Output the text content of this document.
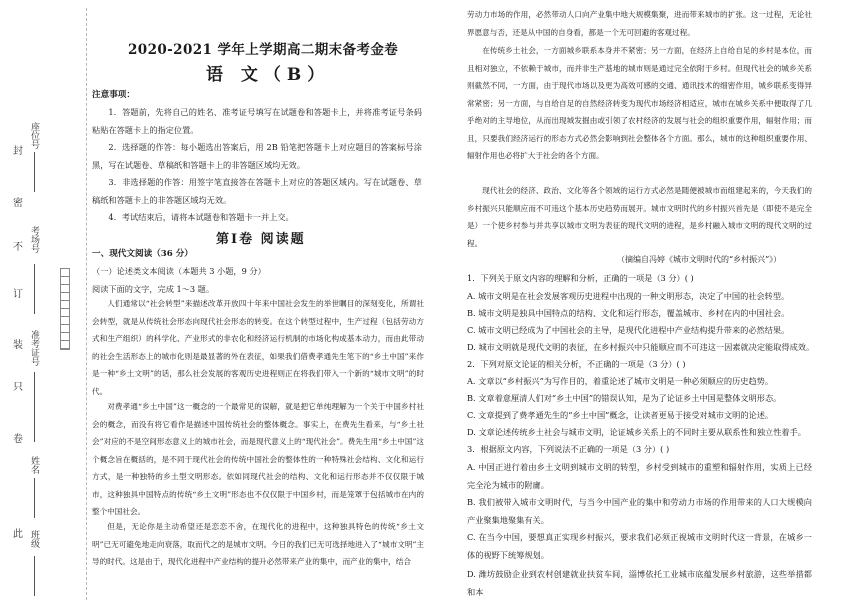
此
卷
只
装
订
不
密
封
座位号
考场号
准考证号
姓名
班级
2020-2021 学年上学期高二期末备考金卷
语 文（B）
注意事项：
1．答题前，先将自己的姓名、准考证号填写在试题卷和答题卡上，并将准考证号条码粘贴在答题卡上的指定位置。
2．选择题的作答：每小题选出答案后，用 2B 铅笔把答题卡上对应题目的答案标号涂黑，写在试题卷、草稿纸和答题卡上的非答题区域均无效。
3．非选择题的作答：用签字笔直接答在答题卡上对应的答题区域内。写在试题卷、草稿纸和答题卡上的非答题区域均无效。
4．考试结束后，请将本试题卷和答题卡一并上交。
第Ⅰ卷 阅读题
一、现代文阅读（36 分）
（一）论述类文本阅读（本题共 3 小题，9 分）
阅读下面的文字，完成 1～3 题。
人们通常以“社会转型”来描述改革开放四十年来中国社会发生的举世瞩目的深刻变化，所谓社会转型，就是从传统社会形态向现代社会形态的转变。在这个转型过程中，生产过程（包括劳动方式和生产组织）的科学化、产业形式的非农化和经济运行机制的市场化构成基本动力，而由此带动的社会生活形态上的城市化则是最显著的外在表征，如果我们借费孝通先生笔下的“乡土中国”来作是一种“乡土文明”的话，那么社会发展的客观历史进程则正在将我们带入一个新的“城市文明”的时代。
对费孝通“乡土中国”这一概念的一个最常见的误解，就是把它单纯理解为一个关于中国乡村社会的概念，而没有将它看作是描述中国传统社会的整体概念。事实上，在费先生看来，与“乡土社会”对应的不是空间形态意义上的城市社会，而是现代意义上的“现代社会”。费先生用“乡土中国”这个概念旨在概括的，是不同于现代社会的传统中国社会的整体性的一种特殊社会结构、文化和运行方式，是一种独特的乡土型文明形态。依如同现代社会的结构、文化和运行形态并不仅仅限于城市，这种独具中国特点的传统“乡土文明”形态也不仅仅限于中国乡村，而是笼罩于包括城市在内的整个中国社会。
但是，无论你是主动希望还是恋恋不舍，在现代化的进程中，这种独具特色的传统“乡土文明”已无可避免地走向衰落，取而代之的是城市文明。今日的我们已无可选择地进入了“城市文明”主导的时代。这是由于，现代化进程中产业结构的提升必然带来产业的集中，而产业的集中，结合
劳动力市场的作用，必然带动人口向产业集中地大规模集聚，进而带来城市的扩张。这一过程，无论社界愿意与否，还是从中国的自身看，都是一个无可回避的客观过程。
在传统乡土社会，一方面城乡联系本身并不紧密；另一方面，在经济上自给自足的乡村是本位，而且相对独立，不依赖于城市，而并非生产基地的城市则是通过完全依附于乡村。但现代社会的城乡关系则截然不同，一方面，由于现代市场以及更为高效可感的交通、通讯技术的细密作用，城乡联系变得异常紧密；另一方面，与自给自足的自然经济转变为现代市场经济相适应，城市在城乡关系中便取得了几乎绝对的主导地位，从而出现城发掘由或引领了农村经济的发展与社会的组织重要作用，辐射作用；而且，只要我们经济运行的形态方式必然会影响到社会整体各个方面。那么，城市的这种组织重要作用、辐射作用也必将扩大于社会的各个方面。
现代社会的经济、政治、文化等各个领域的运行方式必然是随便被城市而组建起来的，今天我们的乡村振兴只能顺应而不可违这个基本历史趋势而展开。城市文明时代的乡村振兴首先是（即使不是完全是）一个使乡村参与并共享以城市文明为表征的现代文明的进程，是乡村融入城市文明的现代文明的过程。
（摘编自冯婷《城市文明时代的“乡村振兴”》）
1．下列关于原文内容的理解和分析，正确的一项是（3 分）( )
A. 城市文明是在社会发展客观历史进程中出现的一种文明形态，决定了中国的社会转型。
B. 城市文明是独具中国特点的结构、文化和运行形态，覆盖城市、乡村在内的中国社会。
C. 城市文明已经成为了中国社会的主导，是现代化进程中产业结构提升带来的必然结果。
D. 城市文明就是现代文明的表征，在乡村振兴中只能顺应而不可违这一因素就决定能取得成效。
2．下列对原文论证的相关分析，不正确的一项是（3 分）( )
A. 文章以“乡村振兴”为写作目的，着重论述了城市文明是一种必须顺应的历史趋势。
B. 文章着意厘清人们对“乡土中国”的错误认知，是为了论证乡土中国是整体文明形态。
C. 文章提到了费孝通先生的“乡土中国”概念，让读者更易于接受对城市文明的论述。
D. 文章论述传统乡土社会与城市文明，论证城乡关系上的不同时主要从联系性和独立性着手。
3．根据原文内容，下列说法不正确的一项是（3 分）( )
A. 中国正进行着由乡土文明到城市文明的转型，乡村受到城市的重塑和辐射作用，实质上已经完全沦为城市的附庸。
B. 我们被带入城市文明时代，与当今中国产业的集中和劳动力市场的作用带来的人口大规模向产业聚集地聚集有关。
C. 在当今中国，要想真正实现乡村振兴，要求我们必须正视城市文明时代这一背景，在城乡一体的视野下统筹规划。
D. 潍坊鼓励企业到农村创建就业扶贫车间，淄博依托工业城市底蕴发展乡村旅游，这些举措都和本
